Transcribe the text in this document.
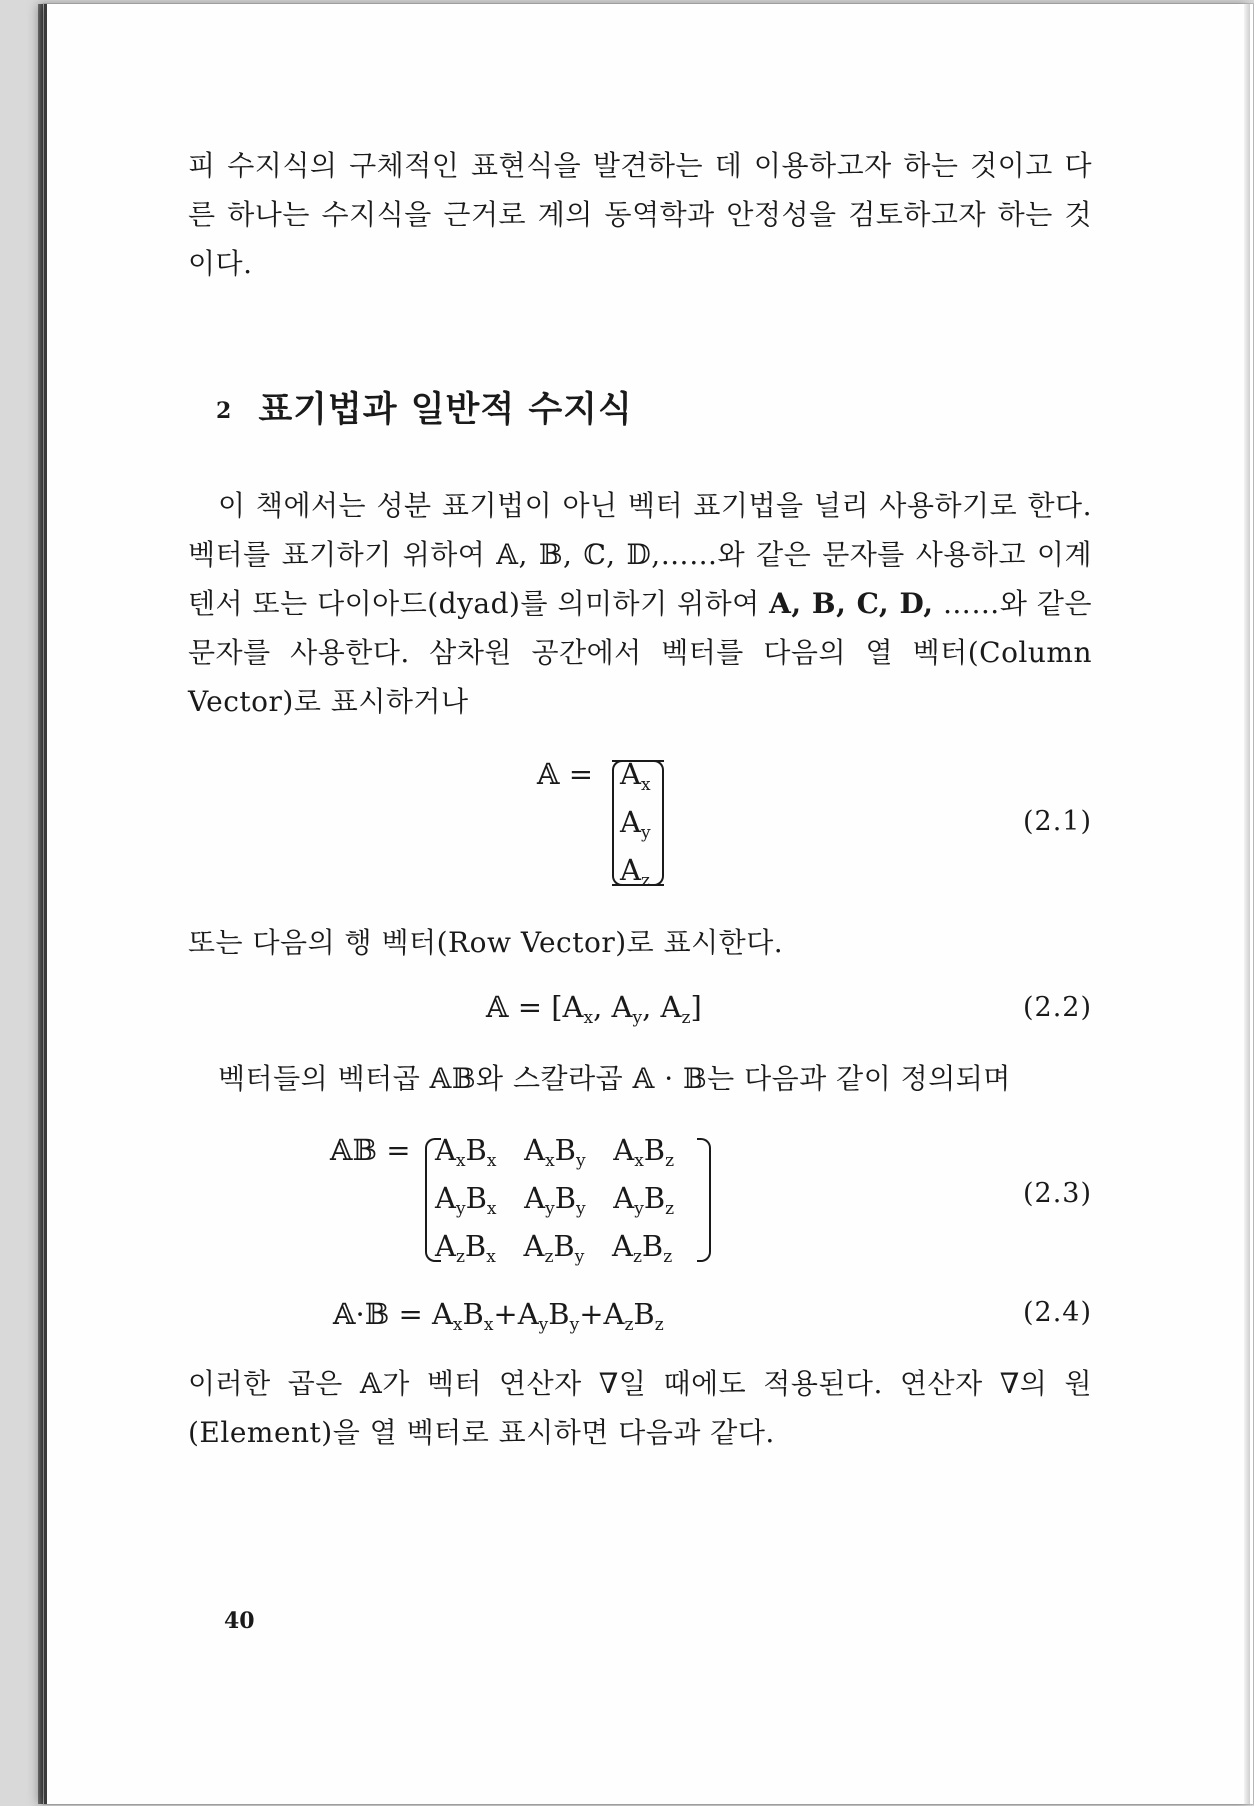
피 수지식의 구체적인 표현식을 발견하는 데 이용하고자 하는 것이고 다른 하나는 수지식을 근거로 계의 동역학과 안정성을 검토하고자 하는 것이다.

2 표기법과 일반적 수지식

이 책에서는 성분 표기법이 아닌 벡터 표기법을 널리 사용하기로 한다. 벡터를 표기하기 위하여 𝔸, 𝔹, ℂ, 𝔻,……와 같은 문자를 사용하고 이계 텐서 또는 다이아드(dyad)를 의미하기 위하여 A, B, C, D, ……와 같은 문자를 사용한다. 삼차원 공간에서 벡터를 다음의 열 벡터(Column Vector)로 표시하거나

𝔸 = $A_x$
$A_y$
$A_z$
(2.1)

또는 다음의 행 벡터(Row Vector)로 표시한다.

𝔸 = [$A_x$, $A_y$, $A_z$]	(2.2)

벡터들의 벡터곱 𝔸𝔹와 스칼라곱 𝔸 · 𝔹는 다음과 같이 정의되며

𝔸𝔹 = $A_xB_x$   $A_xB_y$   $A_xB_z$
$A_yB_x$   $A_yB_y$   $A_yB_z$
$A_zB_x$   $A_zB_y$   $A_zB_z$
(2.3)
𝔸·𝔹 = $A_xB_x+A_yB_y+A_zB_z$	(2.4)

이러한 곱은 𝔸가 벡터 연산자 ∇일 때에도 적용된다. 연산자 ∇의 원(Element)을 열 벡터로 표시하면 다음과 같다.

40
